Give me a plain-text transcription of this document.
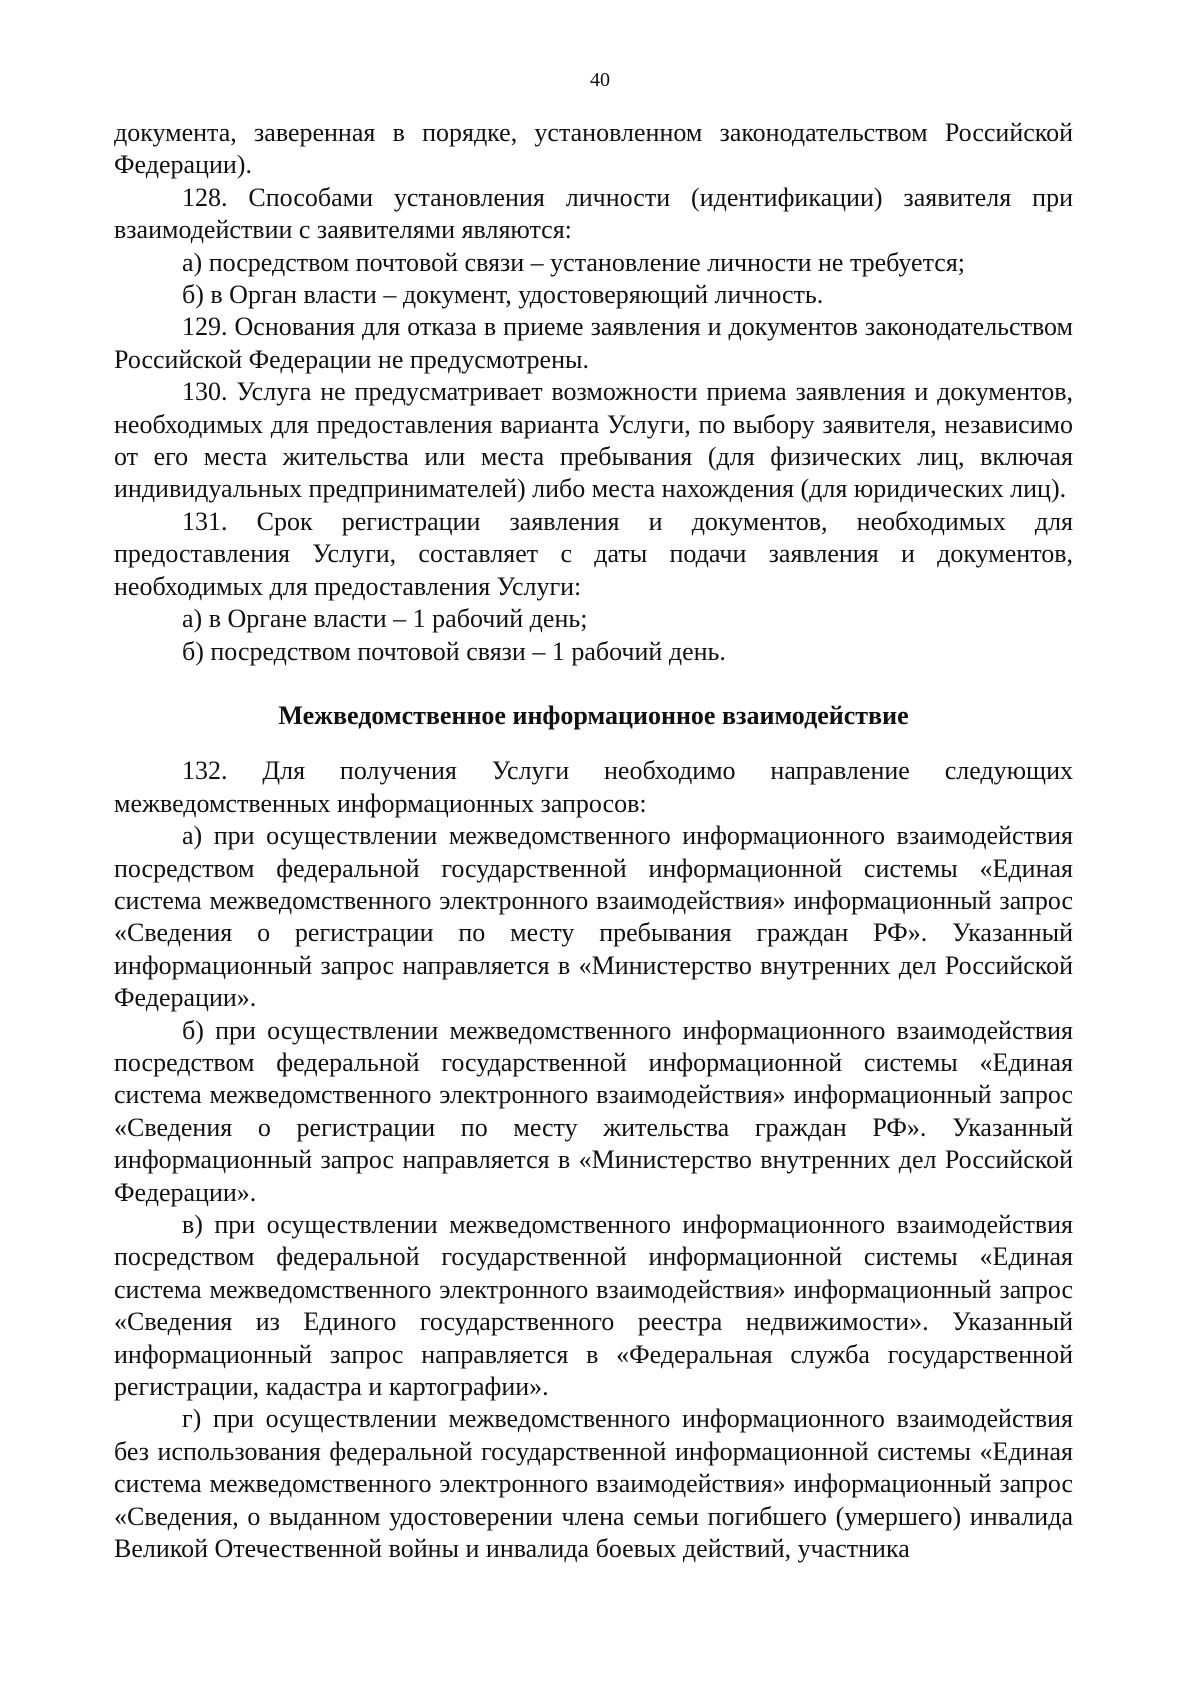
40

документа, заверенная в порядке, установленном законодательством Российской Федерации).

128. Способами установления личности (идентификации) заявителя при взаимодействии с заявителями являются:

а) посредством почтовой связи – установление личности не требуется;

б) в Орган власти – документ, удостоверяющий личность.

129. Основания для отказа в приеме заявления и документов законодательством Российской Федерации не предусмотрены.

130. Услуга не предусматривает возможности приема заявления и документов, необходимых для предоставления варианта Услуги, по выбору заявителя, независимо от его места жительства или места пребывания (для физических лиц, включая индивидуальных предпринимателей) либо места нахождения (для юридических лиц).

131. Срок регистрации заявления и документов, необходимых для предоставления Услуги, составляет с даты подачи заявления и документов, необходимых для предоставления Услуги:

а) в Органе власти – 1 рабочий день;

б) посредством почтовой связи – 1 рабочий день.

Межведомственное информационное взаимодействие

132. Для получения Услуги необходимо направление следующих межведомственных информационных запросов:

а) при осуществлении межведомственного информационного взаимодействия посредством федеральной государственной информационной системы «Единая система межведомственного электронного взаимодействия» информационный запрос «Сведения о регистрации по месту пребывания граждан РФ». Указанный информационный запрос направляется в «Министерство внутренних дел Российской Федерации».

б) при осуществлении межведомственного информационного взаимодействия посредством федеральной государственной информационной системы «Единая система межведомственного электронного взаимодействия» информационный запрос «Сведения о регистрации по месту жительства граждан РФ». Указанный информационный запрос направляется в «Министерство внутренних дел Российской Федерации».

в) при осуществлении межведомственного информационного взаимодействия посредством федеральной государственной информационной системы «Единая система межведомственного электронного взаимодействия» информационный запрос «Сведения из Единого государственного реестра недвижимости». Указанный информационный запрос направляется в «Федеральная служба государственной регистрации, кадастра и картографии».

г) при осуществлении межведомственного информационного взаимодействия без использования федеральной государственной информационной системы «Единая система межведомственного электронного взаимодействия» информационный запрос «Сведения, о выданном удостоверении члена семьи погибшего (умершего) инвалида Великой Отечественной войны и инвалида боевых действий, участника
